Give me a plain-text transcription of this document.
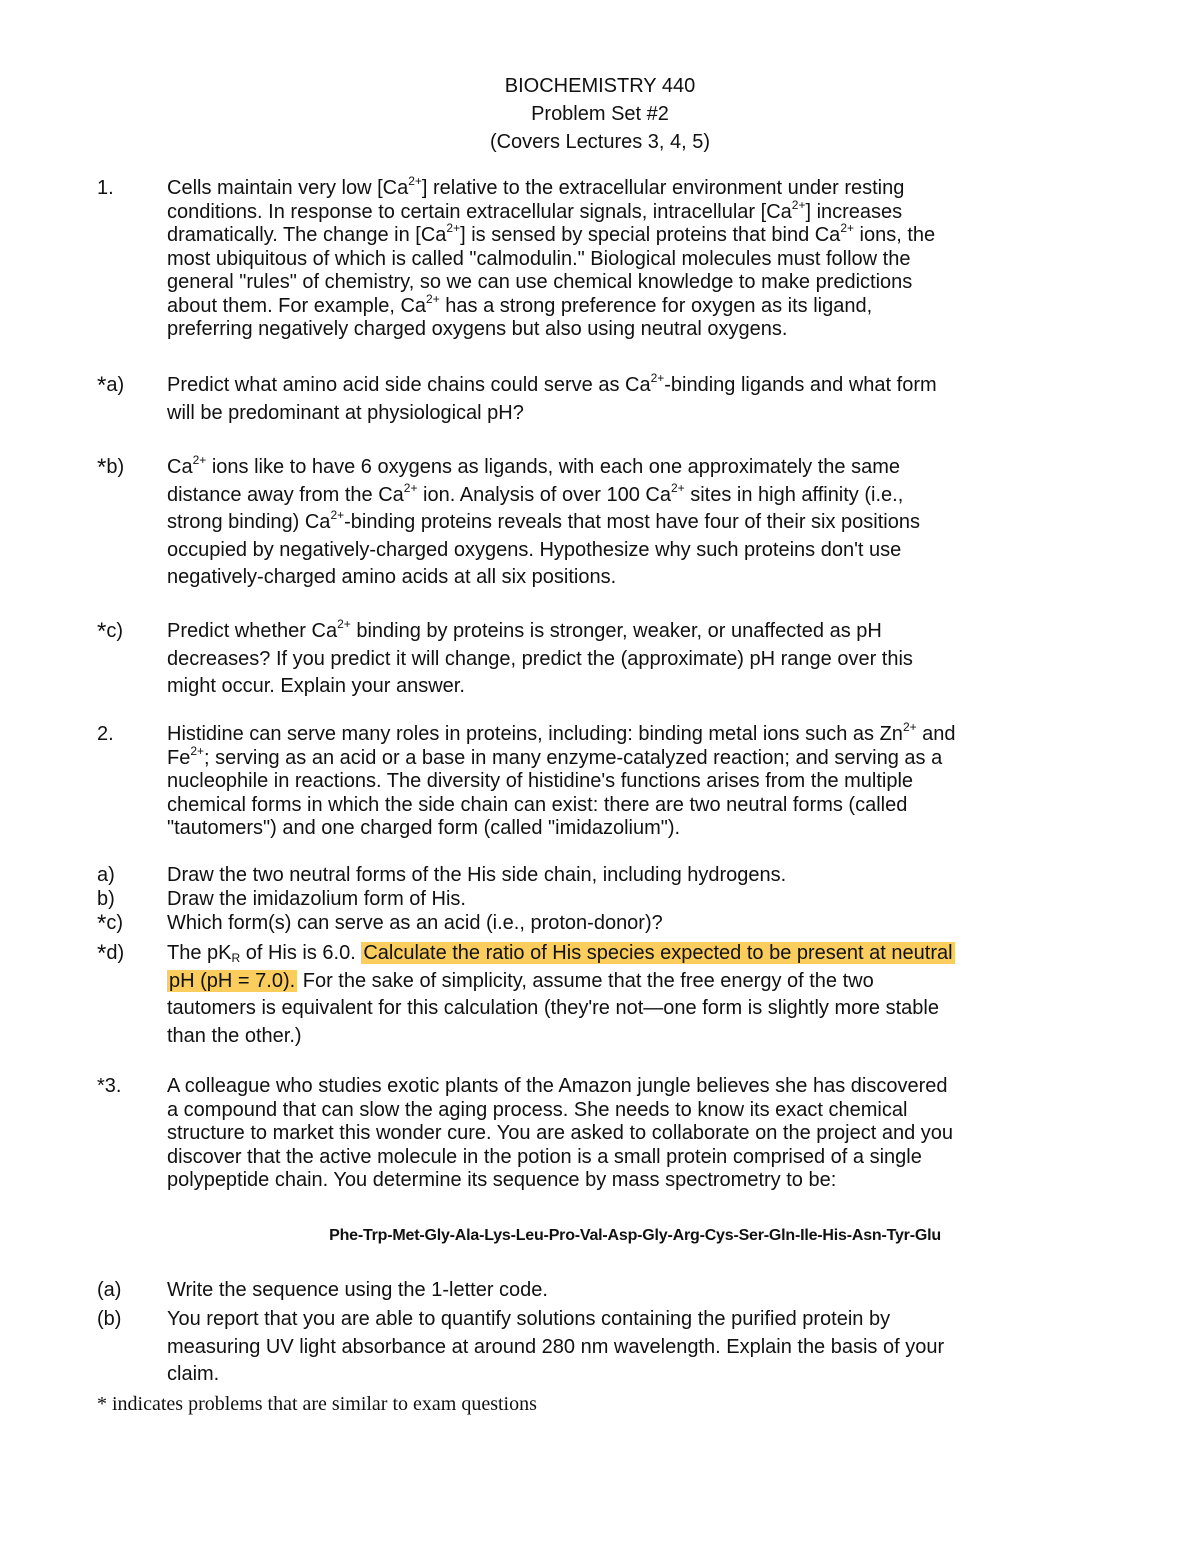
BIOCHEMISTRY 440
Problem Set #2
(Covers Lectures 3, 4, 5)
1.	Cells maintain very low $[Ca^{2+}]$ relative to the extracellular environment under resting
conditions. In response to certain extracellular signals, intracellular $[Ca^{2+}]$ increases
dramatically. The change in $[Ca^{2+}]$ is sensed by special proteins that bind $Ca^{2+}$ ions, the
most ubiquitous of which is called "calmodulin." Biological molecules must follow the
general "rules" of chemistry, so we can use chemical knowledge to make predictions
about them. For example, $Ca^{2+}$ has a strong preference for oxygen as its ligand,
preferring negatively charged oxygens but also using neutral oxygens.
*a)	Predict what amino acid side chains could serve as $Ca^{2+}$-binding ligands and what form
will be predominant at physiological pH?
*b)	$Ca^{2+}$ ions like to have 6 oxygens as ligands, with each one approximately the same
distance away from the $Ca^{2+}$ ion. Analysis of over 100 $Ca^{2+}$ sites in high affinity (i.e.,
strong binding) $Ca^{2+}$-binding proteins reveals that most have four of their six positions
occupied by negatively-charged oxygens. Hypothesize why such proteins don't use
negatively-charged amino acids at all six positions.
*c)	Predict whether $Ca^{2+}$ binding by proteins is stronger, weaker, or unaffected as pH
decreases? If you predict it will change, predict the (approximate) pH range over this
might occur. Explain your answer.
2.	Histidine can serve many roles in proteins, including: binding metal ions such as $Zn^{2+}$ and
$Fe^{2+}$; serving as an acid or a base in many enzyme-catalyzed reaction; and serving as a
nucleophile in reactions. The diversity of histidine's functions arises from the multiple
chemical forms in which the side chain can exist: there are two neutral forms (called
"tautomers") and one charged form (called "imidazolium").
a)	Draw the two neutral forms of the His side chain, including hydrogens.
b)	Draw the imidazolium form of His.
*c)	Which form(s) can serve as an acid (i.e., proton-donor)?
*d)	The $pK_R$ of His is 6.0. Calculate the ratio of His species expected to be present at neutral
pH (pH = 7.0). For the sake of simplicity, assume that the free energy of the two
tautomers is equivalent for this calculation (they're not—one form is slightly more stable
than the other.)
*3.	A colleague who studies exotic plants of the Amazon jungle believes she has discovered
a compound that can slow the aging process. She needs to know its exact chemical
structure to market this wonder cure. You are asked to collaborate on the project and you
discover that the active molecule in the potion is a small protein comprised of a single
polypeptide chain. You determine its sequence by mass spectrometry to be:
Phe-Trp-Met-Gly-Ala-Lys-Leu-Pro-Val-Asp-Gly-Arg-Cys-Ser-Gln-Ile-His-Asn-Tyr-Glu
(a)	Write the sequence using the 1-letter code.
(b)	You report that you are able to quantify solutions containing the purified protein by
measuring UV light absorbance at around 280 nm wavelength. Explain the basis of your
claim.
* indicates problems that are similar to exam questions
